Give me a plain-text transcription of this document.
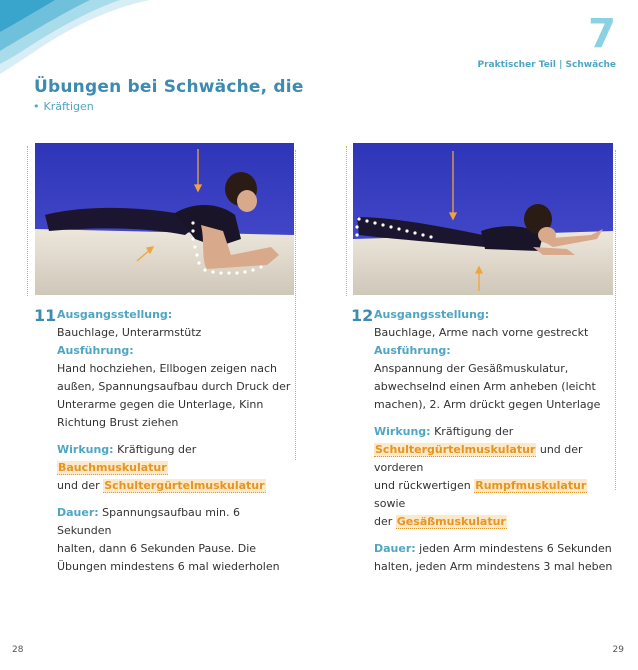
7
Praktischer Teil | Schwäche
Übungen bei Schwäche, die
• Kräftigen
11 Ausgangsstellung:

Bauchlage, Unterarmstütz

Ausführung:

Hand hochziehen, Ellbogen zeigen nach

außen, Spannungsaufbau durch Druck der

Unterarme gegen die Unterlage, Kinn

Richtung Brust ziehen

Wirkung: Kräftigung der Bauchmuskulatur

und der Schultergürtelmuskulatur

Dauer: Spannungsaufbau min. 6 Sekunden

halten, dann 6 Sekunden Pause. Die

Übungen mindestens 6 mal wiederholen

12 Ausgangsstellung:

Bauchlage, Arme nach vorne gestreckt

Ausführung:

Anspannung der Gesäßmuskulatur,

abwechselnd einen Arm anheben (leicht

machen), 2. Arm drückt gegen Unterlage

Wirkung: Kräftigung der

Schultergürtelmuskulatur und der vorderen

und rückwertigen Rumpfmuskulatur sowie

der Gesäßmuskulatur

Dauer: jeden Arm mindestens 6 Sekunden

halten, jeden Arm mindestens 3 mal heben

28	29
